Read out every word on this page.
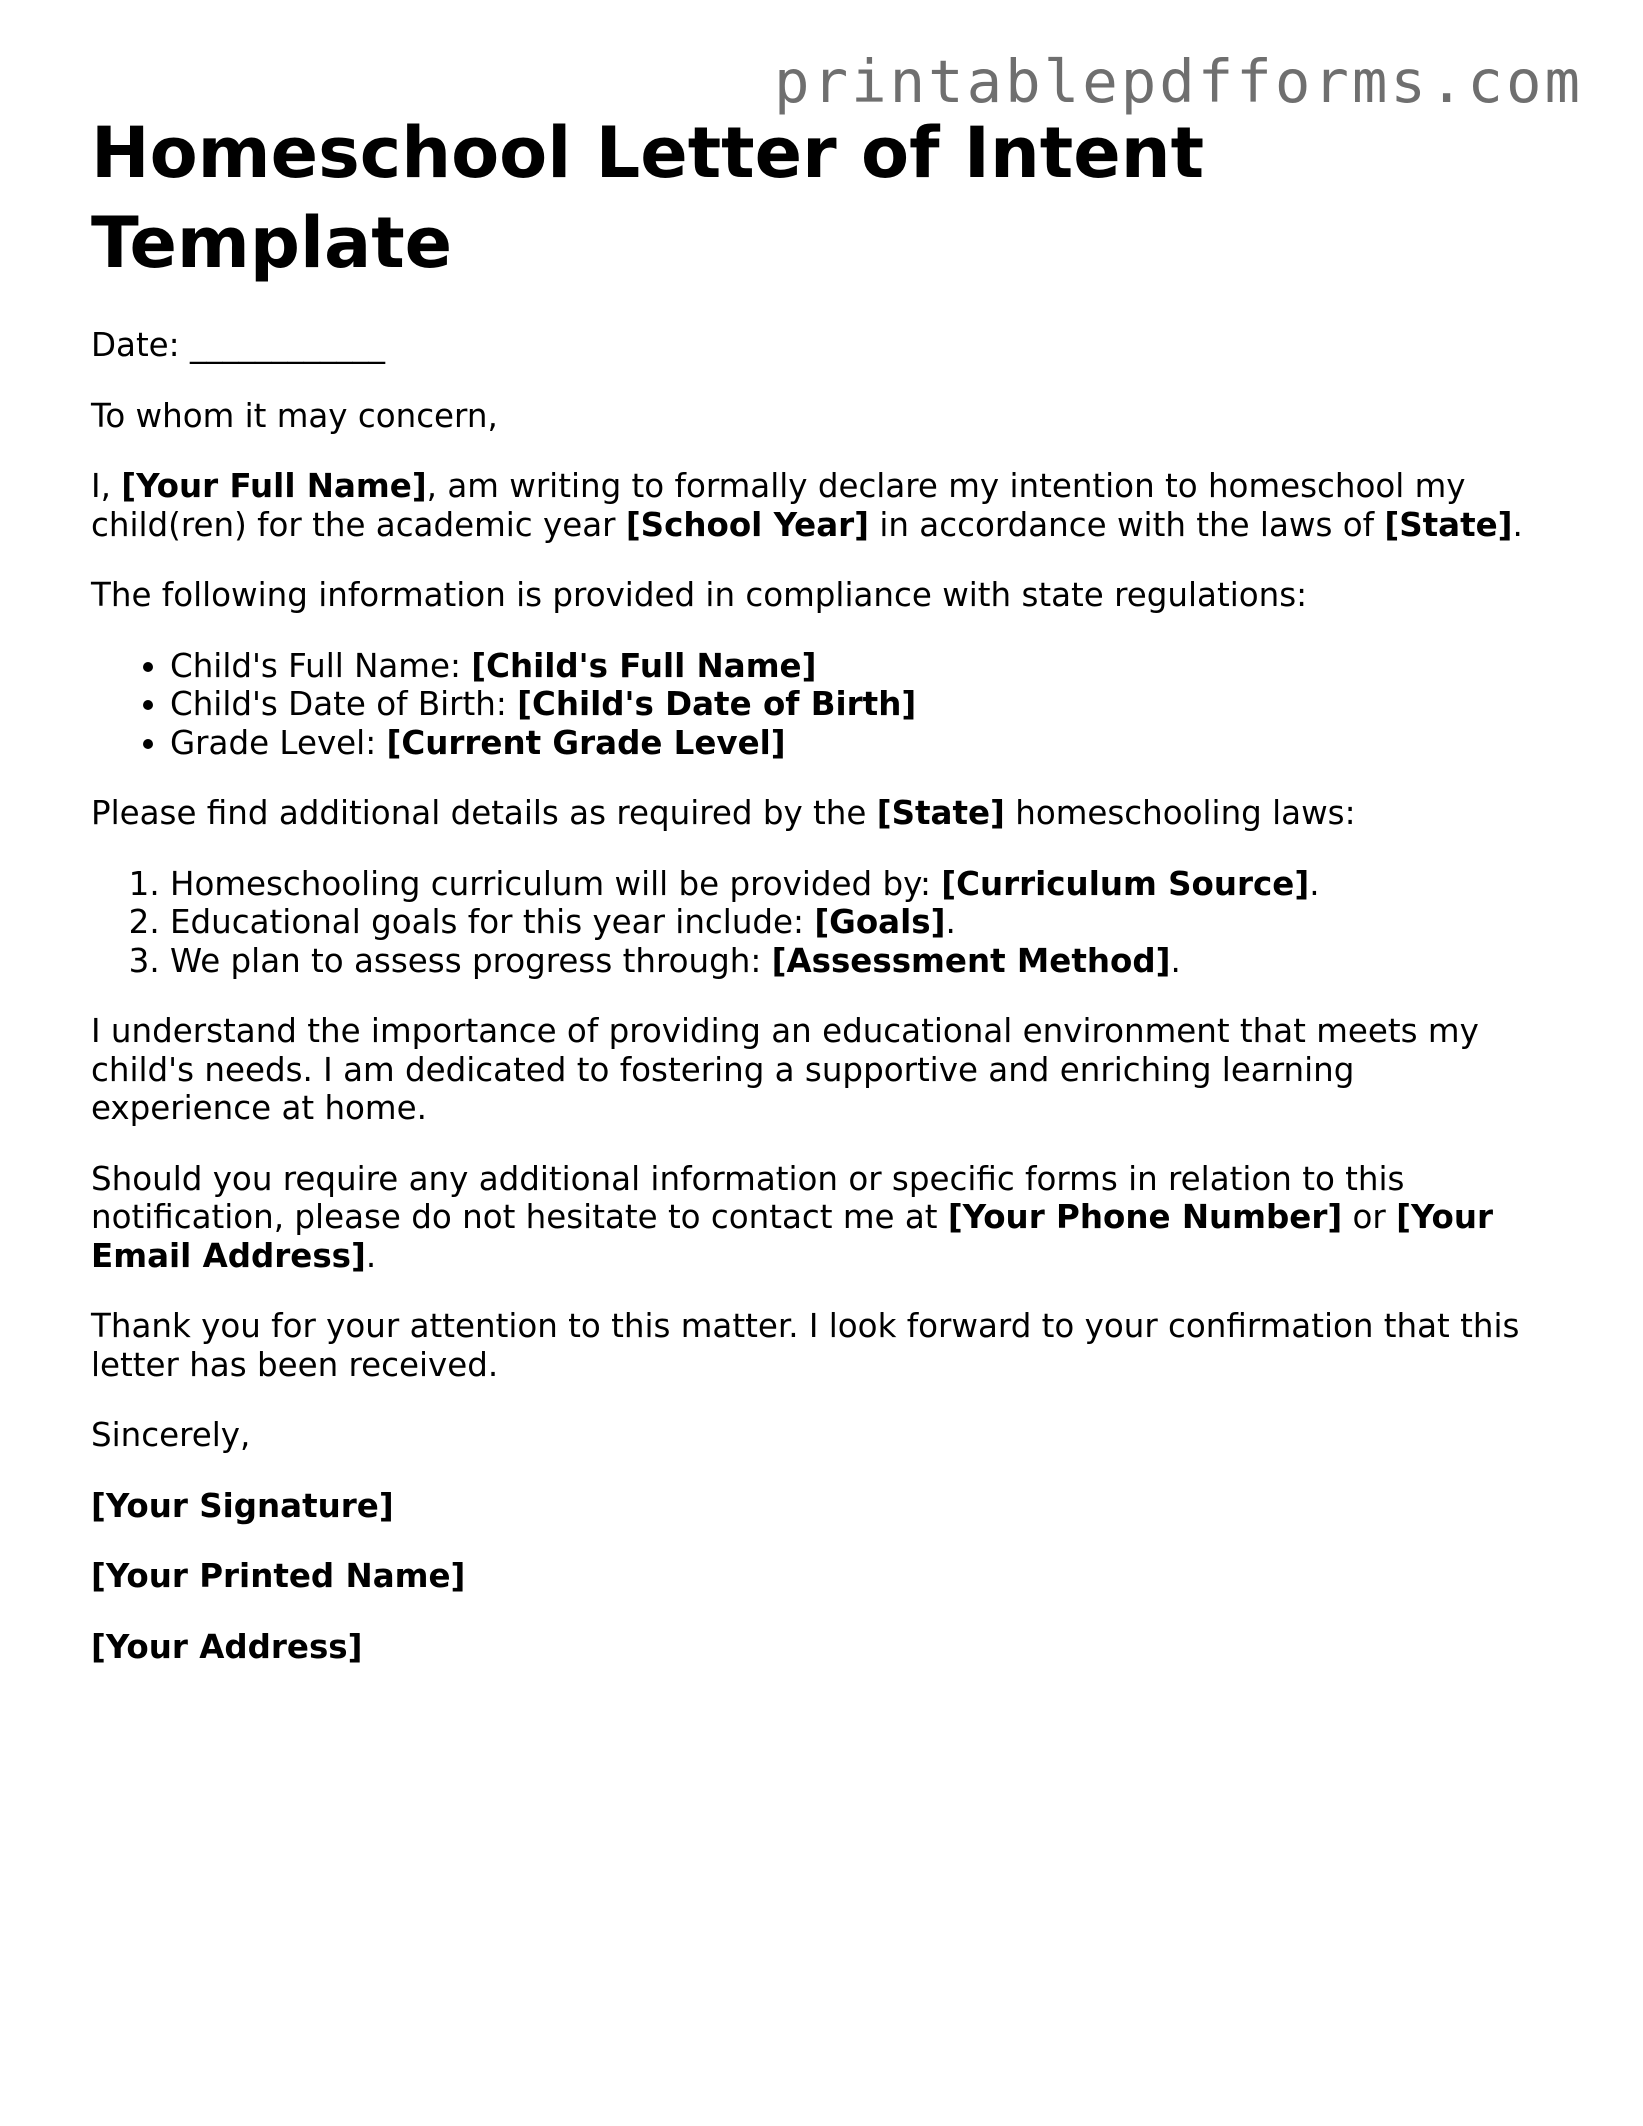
printablepdfforms.com
Homeschool Letter of Intent Template

Date: ____________

To whom it may concern,

I, [Your Full Name], am writing to formally declare my intention to homeschool my child(ren) for the academic year [School Year] in accordance with the laws of [State].

The following information is provided in compliance with state regulations:

• Child's Full Name: [Child's Full Name]
• Child's Date of Birth: [Child's Date of Birth]
• Grade Level: [Current Grade Level]

Please find additional details as required by the [State] homeschooling laws:

1. Homeschooling curriculum will be provided by: [Curriculum Source].
2. Educational goals for this year include: [Goals].
3. We plan to assess progress through: [Assessment Method].

I understand the importance of providing an educational environment that meets my child's needs. I am dedicated to fostering a supportive and enriching learning experience at home.

Should you require any additional information or specific forms in relation to this notification, please do not hesitate to contact me at [Your Phone Number] or [Your Email Address].

Thank you for your attention to this matter. I look forward to your confirmation that this letter has been received.

Sincerely,

[Your Signature]

[Your Printed Name]

[Your Address]
